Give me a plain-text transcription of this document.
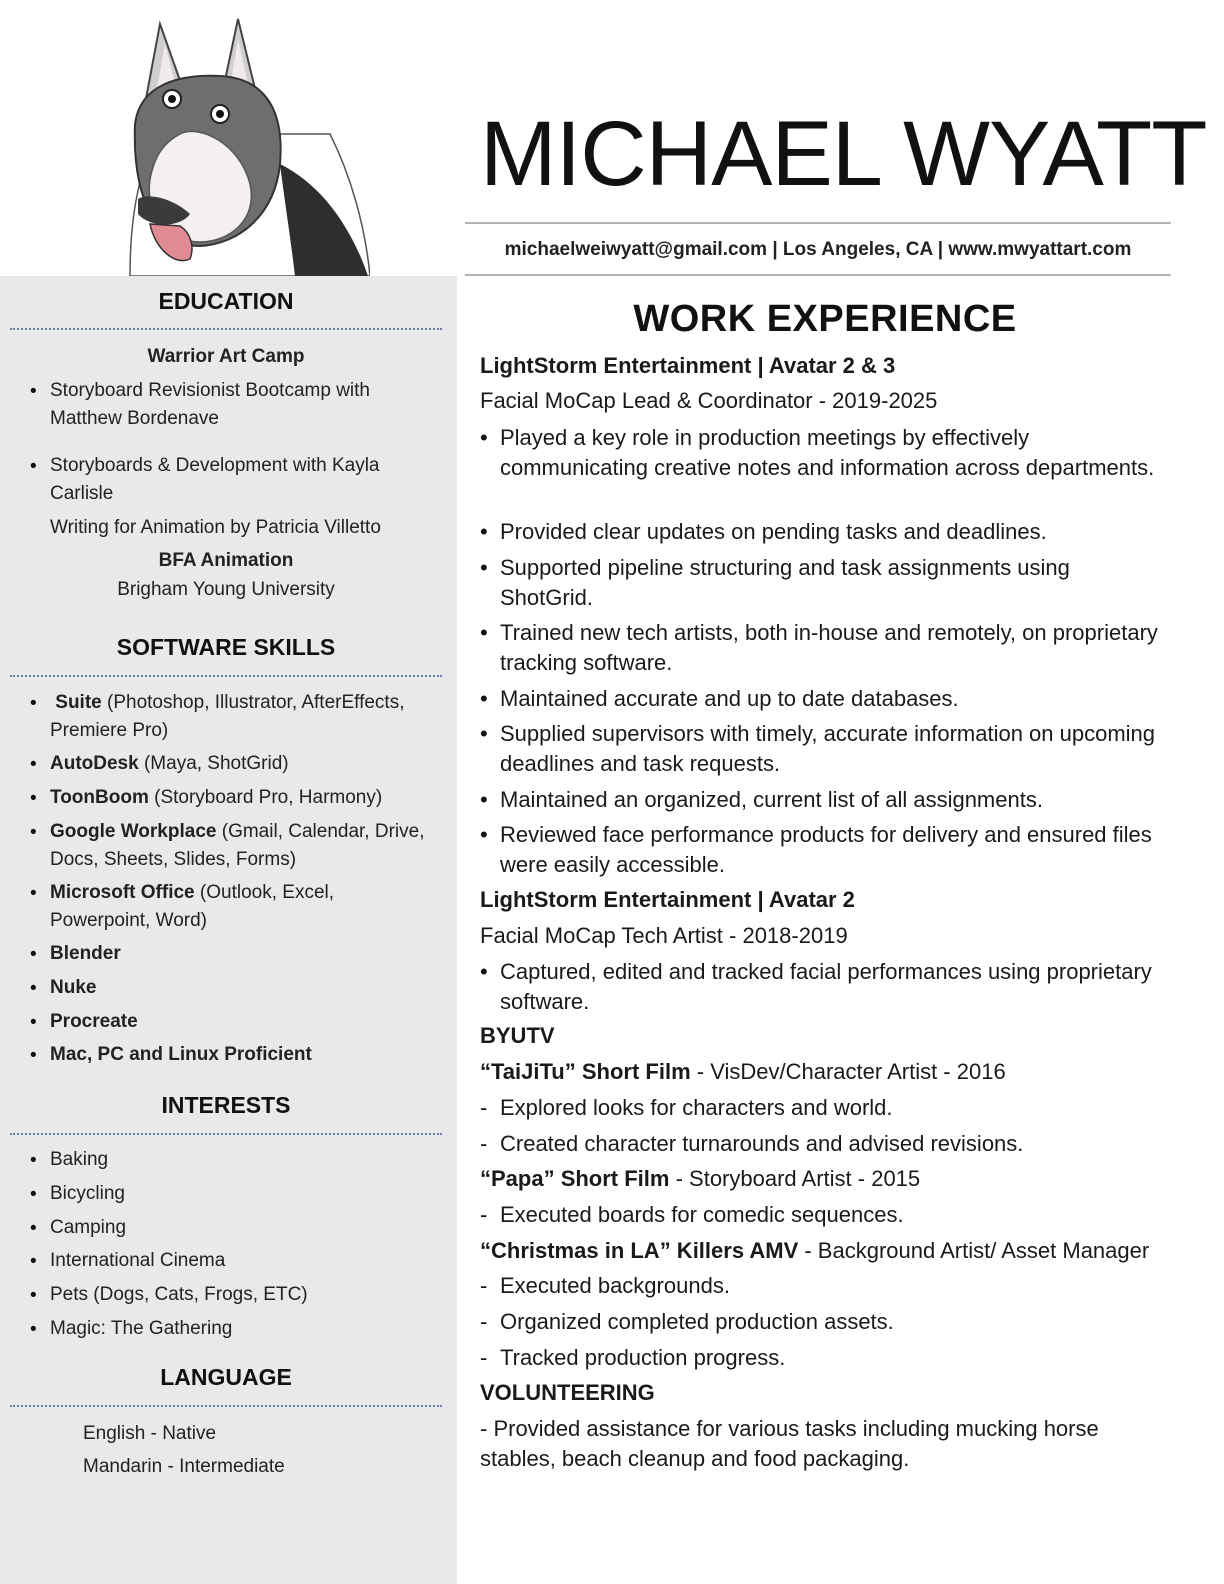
MICHAEL WYATT
michaelweiwyatt@gmail.com | Los Angeles, CA | www.mwyattart.com
EDUCATION
Warrior Art Camp
• Storyboard Revisionist Bootcamp with Matthew Bordenave
• Storyboards & Development with Kayla Carlisle
Writing for Animation by Patricia Villetto
BFA Animation
Brigham Young University
SOFTWARE SKILLS
• Suite (Photoshop, Illustrator, AfterEffects, Premiere Pro)
• AutoDesk (Maya, ShotGrid)
• ToonBoom (Storyboard Pro, Harmony)
• Google Workplace (Gmail, Calendar, Drive, Docs, Sheets, Slides, Forms)
• Microsoft Office (Outlook, Excel, Powerpoint, Word)
• Blender
• Nuke
• Procreate
• Mac, PC and Linux Proficient
INTERESTS
• Baking
• Bicycling
• Camping
• International Cinema
• Pets (Dogs, Cats, Frogs, ETC)
• Magic: The Gathering
LANGUAGE
English - Native
Mandarin - Intermediate
WORK EXPERIENCE
LightStorm Entertainment | Avatar 2 & 3
Facial MoCap Lead & Coordinator - 2019-2025
• Played a key role in production meetings by effectively communicating creative notes and information across departments.
• Provided clear updates on pending tasks and deadlines.
• Supported pipeline structuring and task assignments using ShotGrid.
• Trained new tech artists, both in-house and remotely, on proprietary tracking software.
• Maintained accurate and up to date databases.
• Supplied supervisors with timely, accurate information on upcoming deadlines and task requests.
• Maintained an organized, current list of all assignments.
• Reviewed face performance products for delivery and ensured files were easily accessible.
LightStorm Entertainment | Avatar 2
Facial MoCap Tech Artist - 2018-2019
• Captured, edited and tracked facial performances using proprietary software.
BYUTV
“TaiJiTu” Short Film - VisDev/Character Artist - 2016
- Explored looks for characters and world.
- Created character turnarounds and advised revisions.
“Papa” Short Film - Storyboard Artist - 2015
- Executed boards for comedic sequences.
“Christmas in LA” Killers AMV - Background Artist/ Asset Manager
- Executed backgrounds.
- Organized completed production assets.
- Tracked production progress.
VOLUNTEERING
- Provided assistance for various tasks including mucking horse stables, beach cleanup and food packaging.
